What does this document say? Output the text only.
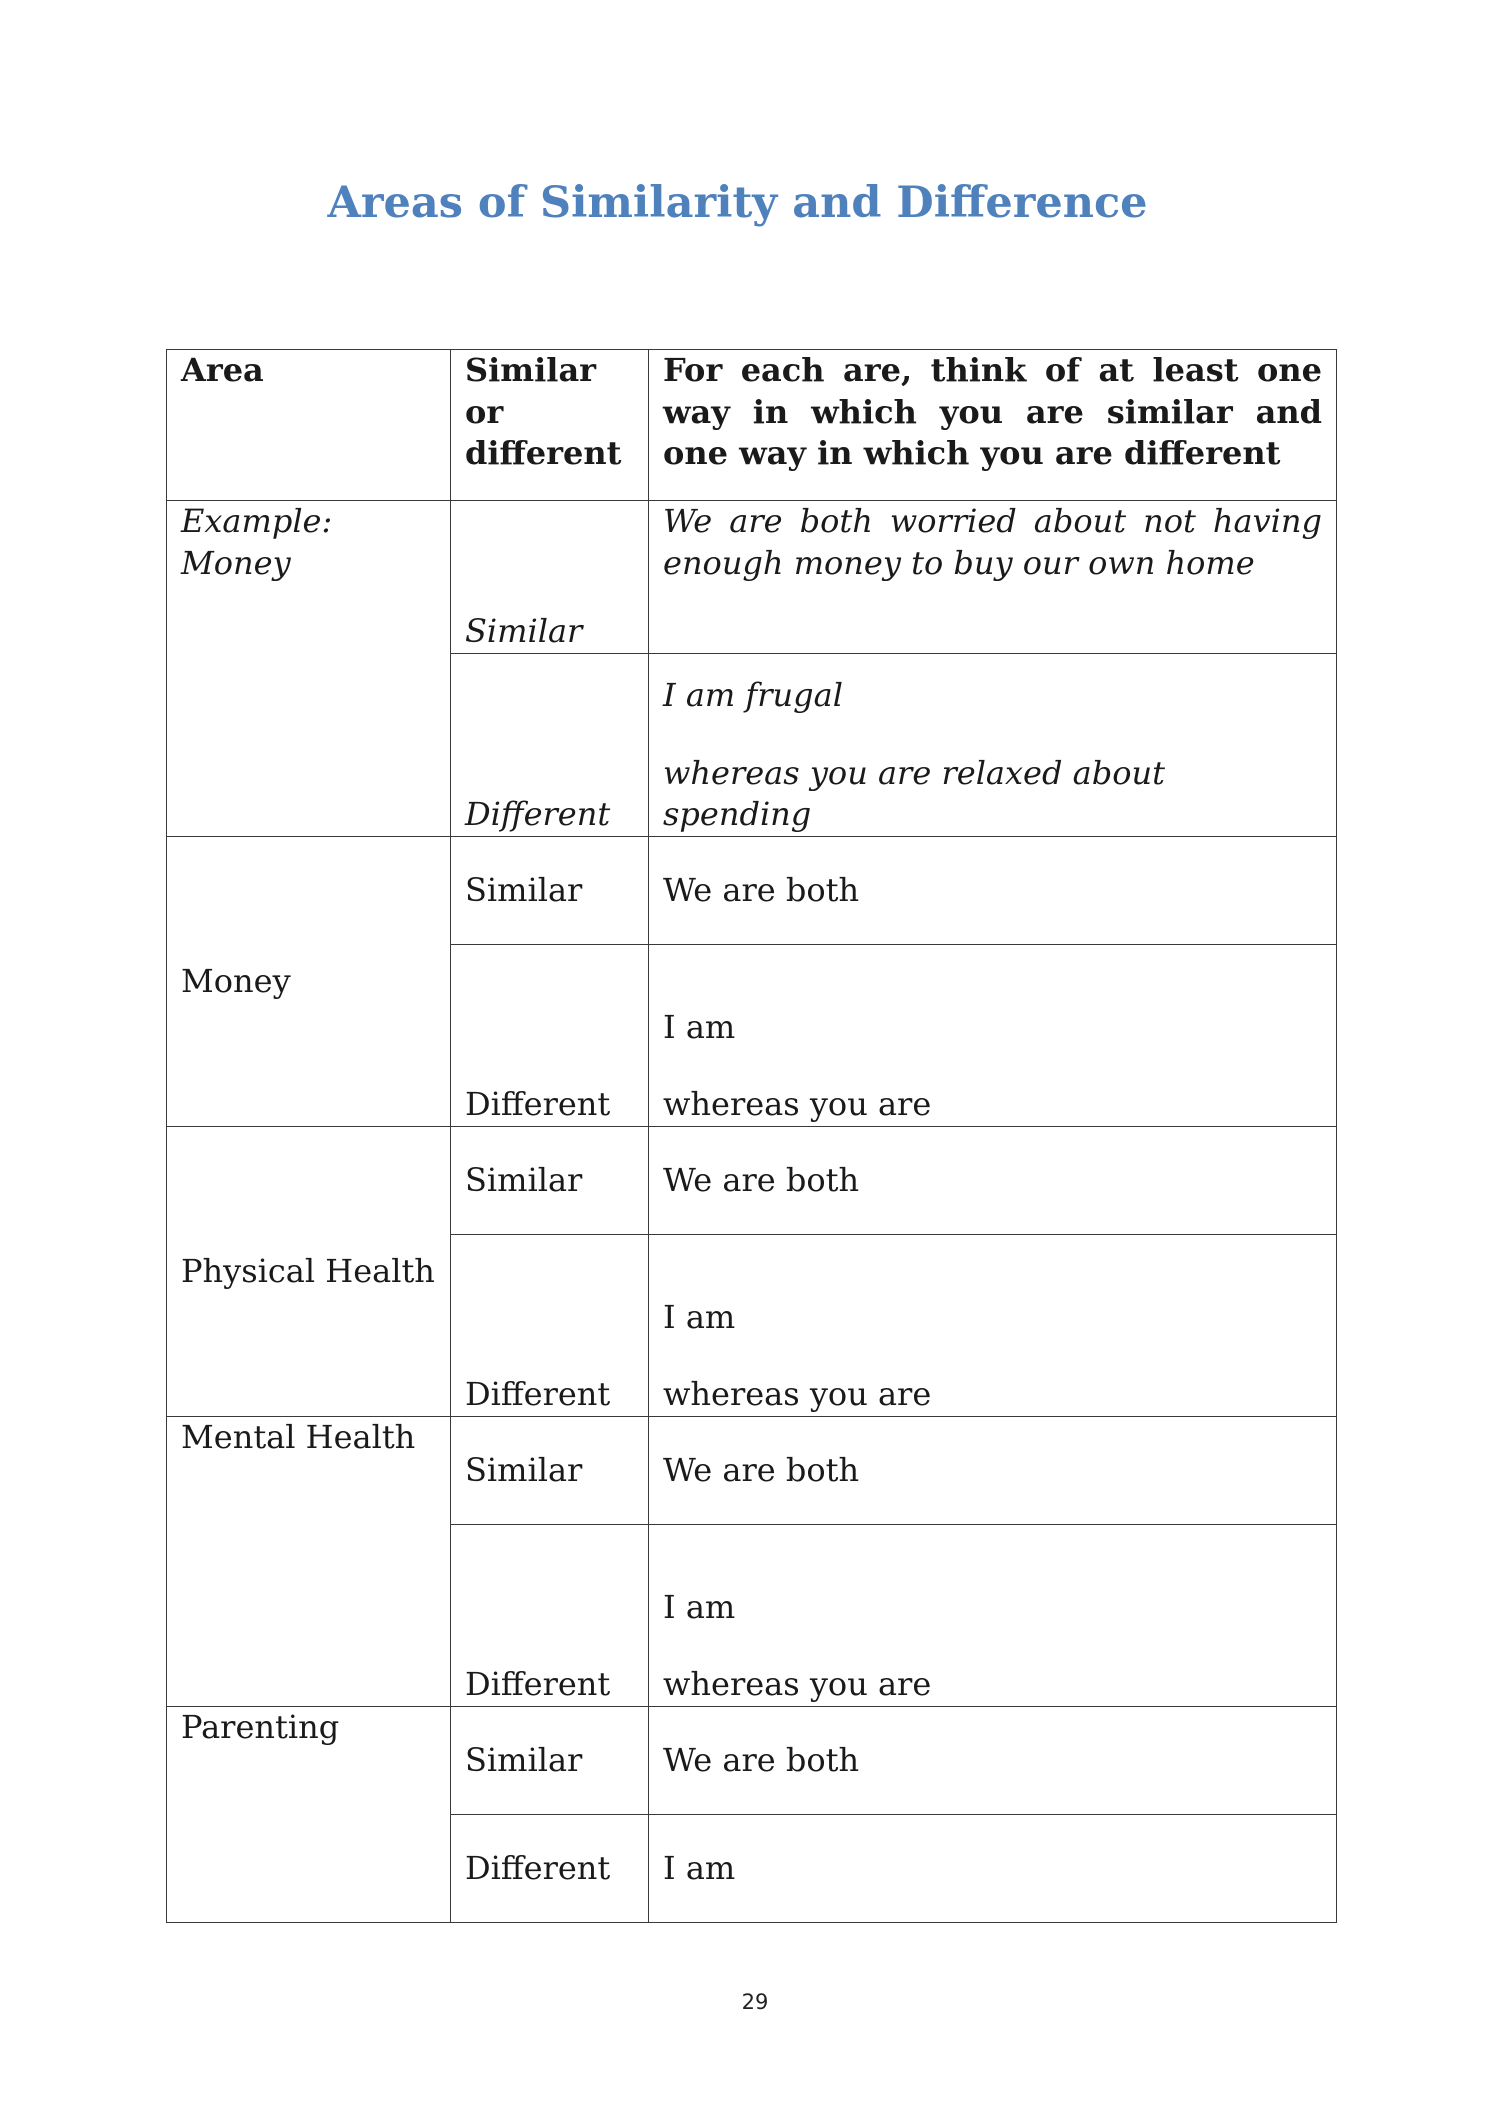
Areas of Similarity and Difference
Area	Similar or different	For each are, think of at least one way in which you are similar and one way in which you are different

Example:
Money	Similar	We are both worried about not having enough money to buy our own home
	Different	I am frugal
whereas you are relaxed about spending

Money	Similar	We are both
	Different	I am
whereas you are

Physical Health	Similar	We are both
	Different	I am
whereas you are

Mental Health	Similar	We are both
	Different	I am
whereas you are

Parenting	Similar	We are both
	Different	I am
29
